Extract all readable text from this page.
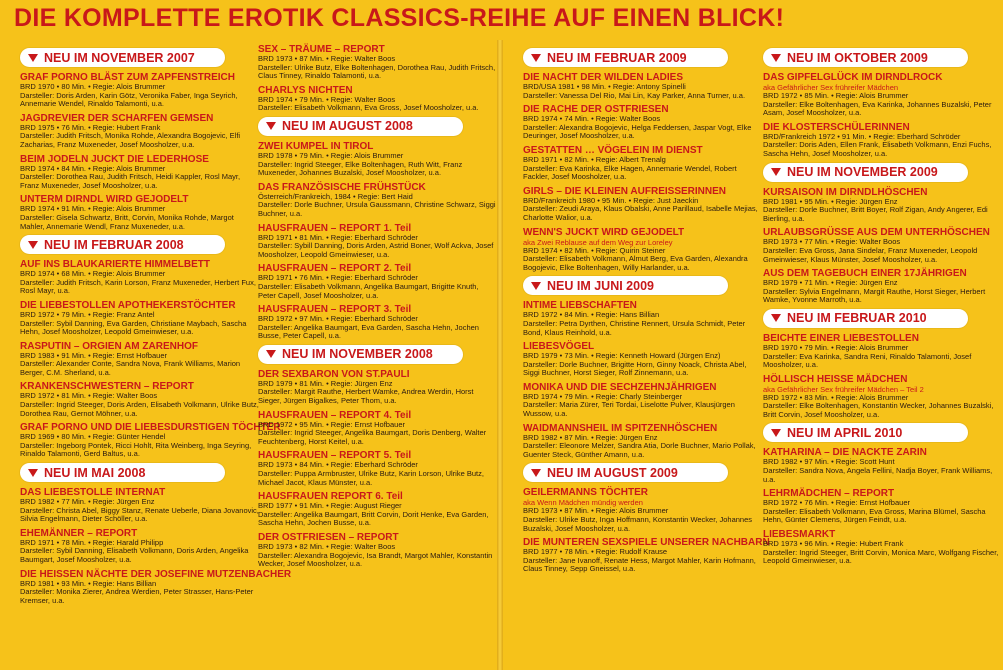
DIE KOMPLETTE EROTIK CLASSICS-REIHE AUF EINEN BLICK!
NEU IM NOVEMBER 2007
GRAF PORNO BLÄST ZUM ZAPFENSTREICH
BRD 1970 • 80 Min. • Regie: Alois Brummer
Darsteller: Doris Arden, Karin Götz, Veronika Faber, Inga Seyrich, Annemarie Wendel, Rinaldo Talamonti, u.a.
JAGDREVIER DER SCHARFEN GEMSEN
BRD 1975 • 76 Min. • Regie: Hubert Frank
Darsteller: Judith Fritsch, Monika Rohde, Alexandra Bogojevic, Elfi Zacharias, Franz Muxeneder, Josef Moosholzer, u.a.
BEIM JODELN JUCKT DIE LEDERHOSE
BRD 1974 • 84 Min. • Regie: Alois Brummer
Darsteller: Dorothea Rau, Judith Fritsch, Heidi Kappler, Rosl Mayr, Franz Muxeneder, Josef Moosholzer, u.a.
UNTERM DIRNDL WIRD GEJODELT
BRD 1974 • 91 Min. • Regie: Alois Brummer
Darsteller: Gisela Schwartz, Britt, Corvin, Monika Rohde, Margot Mahler, Annemarie Wendl, Franz Muxeneder, u.a.
NEU IM FEBRUAR 2008
AUF INS BLAUKARIERTE HIMMELBETT
BRD 1974 • 68 Min. • Regie: Alois Brummer
Darsteller: Judith Fritsch, Karin Lorson, Franz Muxeneder, Herbert Fux, Rosl Mayr, u.a.
DIE LIEBESTOLLEN APOTHEKERSTÖCHTER
BRD 1972 • 79 Min. • Regie: Franz Antel
Darsteller: Sybil Danning, Eva Garden, Christiane Maybach, Sascha Hehn, Josef Moosholzer, Leopold Gmeinwieser, u.a.
RASPUTIN – ORGIEN AM ZARENHOF
BRD 1983 • 91 Min. • Regie: Ernst Hofbauer
Darsteller: Alexander Conte, Sandra Nova, Frank Williams, Marion Berger, C.M. Sherland, u.a.
KRANKENSCHWESTERN – REPORT
BRD 1972 • 81 Min. • Regie: Walter Boos
Darsteller: Ingrid Steeger, Doris Arden, Elisabeth Volkmann, Ulrike Butz, Dorothea Rau, Gernot Möhner, u.a.
GRAF PORNO UND DIE LIEBESDURSTIGEN TÖCHTER
BRD 1969 • 80 Min. • Regie: Günter Hendel
Darsteller: Ingeborg Pontek, Ricci Hohlt, Rita Weinberg, Inga Seyring, Rinaldo Talamonti, Gerd Baltus, u.a.
NEU IM MAI 2008
DAS LIEBESTOLLE INTERNAT
BRD 1982 • 77 Min. • Regie: Jürgen Enz
Darsteller: Christa Abel, Biggy Stanz, Renate Ueberle, Diana Jovanovic, Silvia Engelmann, Dieter Schöller, u.a.
EHEMÄNNER – REPORT
BRD 1971 • 78 Min. • Regie: Harald Philipp
Darsteller: Sybil Danning, Elisabeth Volkmann, Doris Arden, Angelika Baumgart, Josef Moosholzer, u.a.
DIE HEISSEN NÄCHTE DER JOSEFINE MUTZENBACHER
BRD 1981 • 93 Min. • Regie: Hans Billian
Darsteller: Monika Zierer, Andrea Werdien, Peter Strasser, Hans-Peter Kremser, u.a.
SEX – TRÄUME – REPORT
BRD 1973 • 87 Min. • Regie: Walter Boos
Darsteller: Ulrike Butz, Elke Boltenhagen, Dorothea Rau, Judith Fritsch, Claus Tinney, Rinaldo Talamonti, u.a.
CHARLYS NICHTEN
BRD 1974 • 79 Min. • Regie: Walter Boos
Darsteller: Elisabeth Volkmann, Eva Gross, Josef Moosholzer, u.a.
NEU IM AUGUST 2008
ZWEI KUMPEL IN TIROL
BRD 1978 • 79 Min. • Regie: Alois Brummer
Darsteller: Ingrid Steeger, Elke Boltenhagen, Ruth Witt, Franz Muxeneder, Johannes Buzalski, Josef Moosholzer, u.a.
DAS FRANZÖSISCHE FRÜHSTÜCK
Österreich/Frankreich, 1984 • Regie: Bert Haid
Darsteller: Dorle Buchner, Ursula Gaussmann, Christine Schwarz, Siggi Buchner, u.a.
HAUSFRAUEN – REPORT 1. Teil
BRD 1971 • 81 Min. • Regie: Eberhard Schröder
Darsteller: Sybill Danning, Doris Arden, Astrid Boner, Wolf Ackva, Josef Moosholzer, Leopold Gmeinwieser, u.a.
HAUSFRAUEN – REPORT 2. Teil
BRD 1971 • 76 Min. • Regie: Eberhard Schröder
Darsteller: Elisabeth Volkmann, Angelika Baumgart, Brigitte Knuth, Peter Capell, Josef Moosholzer, u.a.
HAUSFRAUEN – REPORT 3. Teil
BRD 1972 • 97 Min. • Regie: Eberhard Schröder
Darsteller: Angelika Baumgart, Eva Garden, Sascha Hehn, Jochen Busse, Peter Capell, u.a.
NEU IM NOVEMBER 2008
DER SEXBARON VON ST.PAULI
BRD 1979 • 81 Min. • Regie: Jürgen Enz
Darsteller: Margit Rauthe, Herbert Wamke, Andrea Werdin, Horst Sieger, Jürgen Bigalkes, Peter Thom, u.a.
HAUSFRAUEN – REPORT 4. Teil
BRD 1972 • 95 Min. • Regie: Ernst Hofbauer
Darsteller: Ingrid Steeger, Angelika Baumgart, Doris Denberg, Walter Feuchtenberg, Horst Keitel, u.a.
HAUSFRAUEN – REPORT 5. Teil
BRD 1973 • 84 Min. • Regie: Eberhard Schröder
Darsteller: Puppa Armbruster, Ulrike Butz, Karin Lorson, Ulrike Butz, Michael Jacot, Klaus Münster, u.a.
HAUSFRAUEN REPORT 6. Teil
BRD 1977 • 91 Min. • Regie: August Rieger
Darsteller: Angelika Baumgart, Britt Corvin, Dorit Henke, Eva Garden, Sascha Hehn, Jochen Busse, u.a.
DER OSTFRIESEN – REPORT
BRD 1973 • 82 Min. • Regie: Walter Boos
Darsteller: Alexandra Bogojevic, Isa Brandt, Margot Mahler, Konstantin Wecker, Josef Moosholzer, u.a.
NEU IM FEBRUAR 2009
DIE NACHT DER WILDEN LADIES
BRD/USA 1981 • 98 Min. • Regie: Antony Spinelli
Darsteller: Vanessa Del Rio, Mai Lin, Kay Parker, Anna Turner, u.a.
DIE RACHE DER OSTFRIESEN
BRD 1974 • 74 Min. • Regie: Walter Boos
Darsteller: Alexandra Bogojevic, Helga Feddersen, Jaspar Vogt, Elke Deuringer, Josef Moosholzer, u.a.
GESTATTEN … VÖGELEIN IM DIENST
BRD 1971 • 82 Min. • Regie: Albert Trenalg
Darsteller: Eva Karinka, Elke Hagen, Annemarie Wendel, Robert Fackler, Josef Moosholzer, u.a.
GIRLS – DIE KLEINEN AUFREISSERINNEN
BRD/Frankreich 1980 • 95 Min. • Regie: Just Jaeckin
Darsteller: Zeudi Araya, Klaus Obalski, Anne Parillaud, Isabelle Mejias, Charlotte Walior, u.a.
WENN'S JUCKT WIRD GEJODELT
aka Zwei Reblause auf dem Weg zur Loreley
BRD 1974 • 82 Min. • Regie: Quirin Steiner
Darsteller: Elisabeth Volkmann, Almut Berg, Eva Garden, Alexandra Bogojevic, Elke Boltenhagen, Willy Harlander, u.a.
NEU IM JUNI 2009
INTIME LIEBSCHAFTEN
BRD 1972 • 84 Min. • Regie: Hans Billian
Darsteller: Petra Dyrthen, Christine Rennert, Ursula Schmidt, Peter Bond, Klaus Reinhold, u.a.
LIEBESVÖGEL
BRD 1979 • 73 Min. • Regie: Kenneth Howard (Jürgen Enz)
Darsteller: Dorle Buchner, Brigitte Horn, Ginny Noack, Christa Abel, Siggi Buchner, Horst Sieger, Rolf Zinnemann, u.a.
MONIKA UND DIE SECHZEHNJÄHRIGEN
BRD 1974 • 79 Min. • Regie: Charly Steinberger
Darsteller: Maria Zürer, Teri Tordai, Liselotte Pulver, Klausjürgen Wussow, u.a.
WAIDMANNSHEIL IM SPITZENHÖSCHEN
BRD 1982 • 87 Min. • Regie: Jürgen Enz
Darsteller: Eleonore Melzer, Sandra Atia, Dorle Buchner, Mario Pollak, Guenter Steck, Günther Amann, u.a.
NEU IM AUGUST 2009
GEILERMANNS TÖCHTER
aka Wenn Mädchen mündig werden
BRD 1973 • 87 Min. • Regie: Alois Brummer
Darsteller: Ulrike Butz, Inga Hoffmann, Konstantin Wecker, Johannes Buzalski, Josef Moosholzer, u.a.
DIE MUNTEREN SEXSPIELE UNSERER NACHBARN
BRD 1977 • 78 Min. • Regie: Rudolf Krause
Darsteller: Jane Ivanoff, Renate Hess, Margot Mahler, Karin Hofmann, Claus Tinney, Sepp Gneissel, u.a.
NEU IM OKTOBER 2009
DAS GIPFELGLÜCK IM DIRNDLROCK
aka Gefährlicher Sex frühreifer Mädchen
BRD 1972 • 85 Min. • Regie: Alois Brummer
Darsteller: Elke Boltenhagen, Eva Karinka, Johannes Buzalski, Peter Asam, Josef Moosholzer, u.a.
DIE KLOSTERSCHÜLERINNEN
BRD/Frankreich 1972 • 91 Min. • Regie: Eberhard Schröder
Darsteller: Doris Aden, Ellen Frank, Elisabeth Volkmann, Enzi Fuchs, Sascha Hehn, Josef Moosholzer, u.a.
NEU IM NOVEMBER 2009
KURSAISON IM DIRNDLHÖSCHEN
BRD 1981 • 95 Min. • Regie: Jürgen Enz
Darsteller: Dorle Buchner, Britt Boyer, Rolf Zigan, Andy Angerer, Edi Bierling, u.a.
URLAUBSGRÜSSE AUS DEM UNTERHÖSCHEN
BRD 1973 • 77 Min. • Regie: Walter Boos
Darsteller: Eva Gross, Jana Sindelar, Franz Muxeneder, Leopold Gmeinwieser, Klaus Münster, Josef Moosholzer, u.a.
AUS DEM TAGEBUCH EINER 17JÄHRIGEN
BRD 1979 • 71 Min. • Regie: Jürgen Enz
Darsteller: Sylvia Engelmann, Margit Rauthe, Horst Sieger, Herbert Wamke, Yvonne Marroth, u.a.
NEU IM FEBRUAR 2010
BEICHTE EINER LIEBESTOLLEN
BRD 1970 • 79 Min. • Regie: Alois Brummer
Darsteller: Eva Karinka, Sandra Reni, Rinaldo Talamonti, Josef Moosholzer, u.a.
HÖLLISCH HEISSE MÄDCHEN
aka Gefährlicher Sex frühreifer Mädchen – Teil 2
BRD 1972 • 83 Min. • Regie: Alois Brummer
Darsteller: Elke Boltenhagen, Konstantin Wecker, Johannes Buzalski, Britt Corvin, Josef Moosholzer, u.a.
NEU IM APRIL 2010
KATHARINA – DIE NACKTE ZARIN
BRD 1982 • 97 Min. • Regie: Scott Hunt
Darsteller: Sandra Nova, Angela Fellini, Nadja Boyer, Frank Williams, u.a.
LEHRMÄDCHEN – REPORT
BRD 1972 • 76 Min. • Regie: Ernst Hofbauer
Darsteller: Elisabeth Volkmann, Eva Gross, Marina Blümel, Sascha Hehn, Günter Clemens, Jürgen Feindt, u.a.
LIEBESMARKT
BRD 1973 • 96 Min. • Regie: Hubert Frank
Darsteller: Ingrid Steeger, Britt Corvin, Monica Marc, Wolfgang Fischer, Leopold Gmeinwieser, u.a.
